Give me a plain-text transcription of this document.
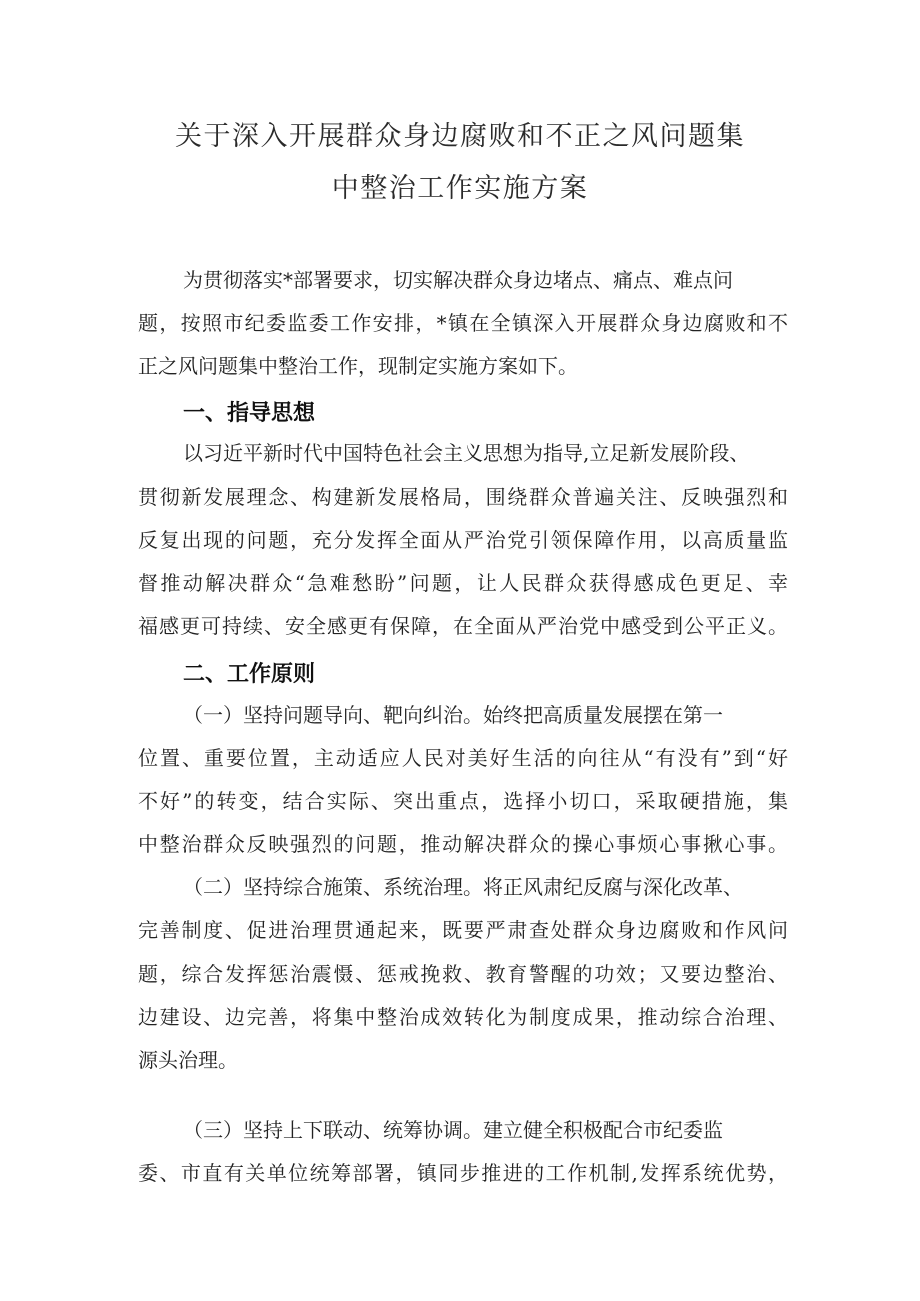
关于深入开展群众身边腐败和不正之风问题集
中整治工作实施方案
为贯彻落实*部署要求，切实解决群众身边堵点、痛点、难点问
题，按照市纪委监委工作安排，*镇在全镇深入开展群众身边腐败和不
正之风问题集中整治工作，现制定实施方案如下。
一、指导思想
以习近平新时代中国特色社会主义思想为指导,立足新发展阶段、
贯彻新发展理念、构建新发展格局，围绕群众普遍关注、反映强烈和
反复出现的问题，充分发挥全面从严治党引领保障作用，以高质量监
督推动解决群众“急难愁盼”问题，让人民群众获得感成色更足、幸
福感更可持续、安全感更有保障，在全面从严治党中感受到公平正义。
二、工作原则
（一）坚持问题导向、靶向纠治。始终把高质量发展摆在第一
位置、重要位置，主动适应人民对美好生活的向往从“有没有”到“好
不好”的转变，结合实际、突出重点，选择小切口，采取硬措施，集
中整治群众反映强烈的问题，推动解决群众的操心事烦心事揪心事。
（二）坚持综合施策、系统治理。将正风肃纪反腐与深化改革、
完善制度、促进治理贯通起来，既要严肃查处群众身边腐败和作风问
题，综合发挥惩治震慑、惩戒挽救、教育警醒的功效；又要边整治、
边建设、边完善，将集中整治成效转化为制度成果，推动综合治理、
源头治理。
（三）坚持上下联动、统筹协调。建立健全积极配合市纪委监
委、市直有关单位统筹部署，镇同步推进的工作机制,发挥系统优势，
